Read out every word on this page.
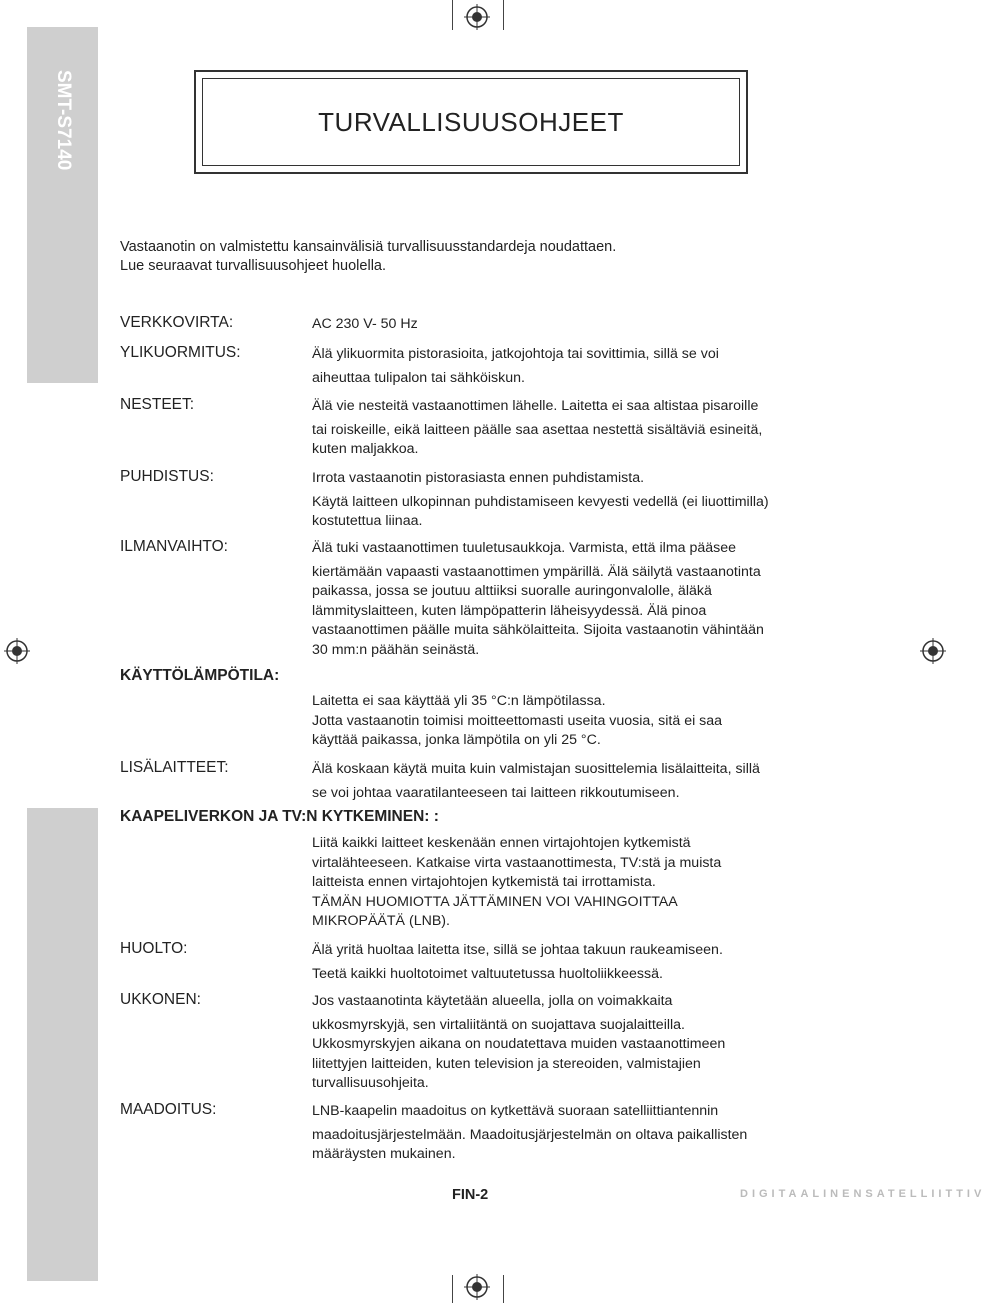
SMT-S7140	TURVALLISUUSOHJEET
Vastaanotin on valmistettu kansainvälisiä turvallisuusstandardeja noudattaen.
Lue seuraavat turvallisuusohjeet huolella.
VERKKOVIRTA:	AC 230 V- 50 Hz

YLIKUORMITUS:	Älä ylikuormita pistorasioita, jatkojohtoja tai sovittimia, sillä se voi

aiheuttaa tulipalon tai sähköiskun.

NESTEET:	Älä vie nesteitä vastaanottimen lähelle. Laitetta ei saa altistaa pisaroille

tai roiskeille, eikä laitteen päälle saa asettaa nestettä sisältäviä esineitä,

kuten maljakkoa.

PUHDISTUS:	Irrota vastaanotin pistorasiasta ennen puhdistamista.

Käytä laitteen ulkopinnan puhdistamiseen kevyesti vedellä (ei liuottimilla)

kostutettua liinaa.

ILMANVAIHTO:	Älä tuki vastaanottimen tuuletusaukkoja. Varmista, että ilma pääsee

kiertämään vapaasti vastaanottimen ympärillä. Älä säilytä vastaanotinta

paikassa, jossa se joutuu alttiiksi suoralle auringonvalolle, äläkä

lämmityslaitteen, kuten lämpöpatterin läheisyydessä. Älä pinoa

vastaanottimen päälle muita sähkölaitteita. Sijoita vastaanotin vähintään

30 mm:n päähän seinästä.

KÄYTTÖLÄMPÖTILA:

Laitetta ei saa käyttää yli 35 °C:n lämpötilassa.

Jotta vastaanotin toimisi moitteettomasti useita vuosia, sitä ei saa

käyttää paikassa, jonka lämpötila on yli 25 °C.

LISÄLAITTEET:	Älä koskaan käytä muita kuin valmistajan suosittelemia lisälaitteita, sillä

se voi johtaa vaaratilanteeseen tai laitteen rikkoutumiseen.

KAAPELIVERKON JA TV:N KYTKEMINEN: :

Liitä kaikki laitteet keskenään ennen virtajohtojen kytkemistä

virtalähteeseen. Katkaise virta vastaanottimesta, TV:stä ja muista

laitteista ennen virtajohtojen kytkemistä tai irrottamista.

TÄMÄN HUOMIOTTA JÄTTÄMINEN VOI VAHINGOITTAA

MIKROPÄÄTÄ (LNB).

HUOLTO:	Älä yritä huoltaa laitetta itse, sillä se johtaa takuun raukeamiseen.

Teetä kaikki huoltotoimet valtuutetussa huoltoliikkeessä.

UKKONEN:	Jos vastaanotinta käytetään alueella, jolla on voimakkaita

ukkosmyrskyjä, sen virtaliitäntä on suojattava suojalaitteilla.

Ukkosmyrskyjen aikana on noudatettava muiden vastaanottimeen

liitettyjen laitteiden, kuten television ja stereoiden, valmistajien

turvallisuusohjeita.

MAADOITUS:	LNB-kaapelin maadoitus on kytkettävä suoraan satelliittiantennin

maadoitusjärjestelmään. Maadoitusjärjestelmän on oltava paikallisten

määräysten mukainen.

FIN-2	DIGITAALINENSATELLIITTIV
